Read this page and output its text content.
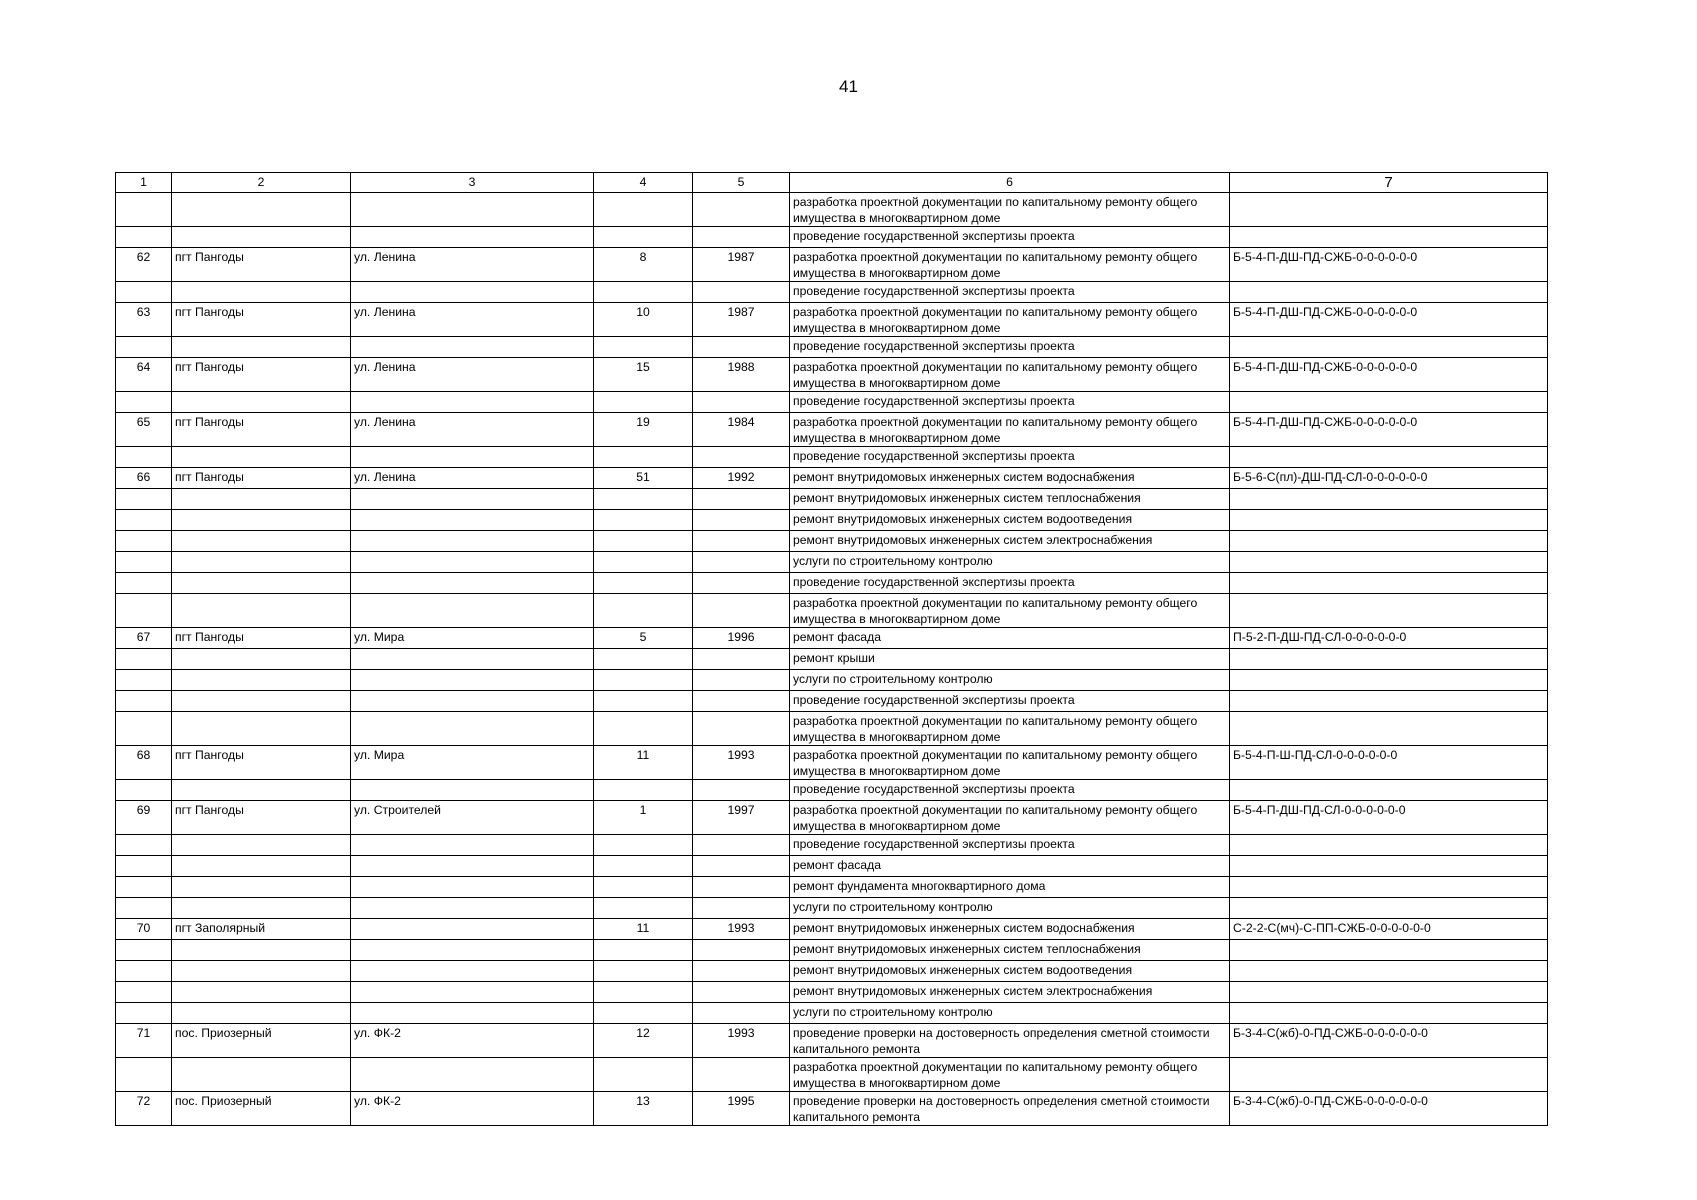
41
1	2	3	4	5	6	7
					разработка проектной документации по капитальному ремонту общего имущества в многоквартирном доме	
					проведение государственной экспертизы проекта	
62	пгт Пангоды	ул. Ленина	8	1987	разработка проектной документации по капитальному ремонту общего имущества в многоквартирном доме	Б-5-4-П-ДШ-ПД-СЖБ-0-0-0-0-0-0
					проведение государственной экспертизы проекта	
63	пгт Пангоды	ул. Ленина	10	1987	разработка проектной документации по капитальному ремонту общего имущества в многоквартирном доме	Б-5-4-П-ДШ-ПД-СЖБ-0-0-0-0-0-0
					проведение государственной экспертизы проекта	
64	пгт Пангоды	ул. Ленина	15	1988	разработка проектной документации по капитальному ремонту общего имущества в многоквартирном доме	Б-5-4-П-ДШ-ПД-СЖБ-0-0-0-0-0-0
					проведение государственной экспертизы проекта	
65	пгт Пангоды	ул. Ленина	19	1984	разработка проектной документации по капитальному ремонту общего имущества в многоквартирном доме	Б-5-4-П-ДШ-ПД-СЖБ-0-0-0-0-0-0
					проведение государственной экспертизы проекта	
66	пгт Пангоды	ул. Ленина	51	1992	ремонт внутридомовых инженерных систем водоснабжения	Б-5-6-С(пл)-ДШ-ПД-СЛ-0-0-0-0-0-0
					ремонт внутридомовых инженерных систем теплоснабжения	
					ремонт внутридомовых инженерных систем водоотведения	
					ремонт внутридомовых инженерных систем электроснабжения	
					услуги по строительному контролю	
					проведение государственной экспертизы проекта	
					разработка проектной документации по капитальному ремонту общего имущества в многоквартирном доме	
67	пгт Пангоды	ул. Мира	5	1996	ремонт фасада	П-5-2-П-ДШ-ПД-СЛ-0-0-0-0-0-0
					ремонт крыши	
					услуги по строительному контролю	
					проведение государственной экспертизы проекта	
					разработка проектной документации по капитальному ремонту общего имущества в многоквартирном доме	
68	пгт Пангоды	ул. Мира	11	1993	разработка проектной документации по капитальному ремонту общего имущества в многоквартирном доме	Б-5-4-П-Ш-ПД-СЛ-0-0-0-0-0-0
					проведение государственной экспертизы проекта	
69	пгт Пангоды	ул. Строителей	1	1997	разработка проектной документации по капитальному ремонту общего имущества в многоквартирном доме	Б-5-4-П-ДШ-ПД-СЛ-0-0-0-0-0-0
					проведение государственной экспертизы проекта	
					ремонт фасада	
					ремонт фундамента многоквартирного дома	
					услуги по строительному контролю	
70	пгт Заполярный		11	1993	ремонт внутридомовых инженерных систем водоснабжения	С-2-2-С(мч)-С-ПП-СЖБ-0-0-0-0-0-0
					ремонт внутридомовых инженерных систем теплоснабжения	
					ремонт внутридомовых инженерных систем водоотведения	
					ремонт внутридомовых инженерных систем электроснабжения	
					услуги по строительному контролю	
71	пос. Приозерный	ул. ФК-2	12	1993	проведение проверки на достоверность определения сметной стоимости капитального ремонта	Б-3-4-С(жб)-0-ПД-СЖБ-0-0-0-0-0-0
					разработка проектной документации по капитальному ремонту общего имущества в многоквартирном доме	
72	пос. Приозерный	ул. ФК-2	13	1995	проведение проверки на достоверность определения сметной стоимости капитального ремонта	Б-3-4-С(жб)-0-ПД-СЖБ-0-0-0-0-0-0
